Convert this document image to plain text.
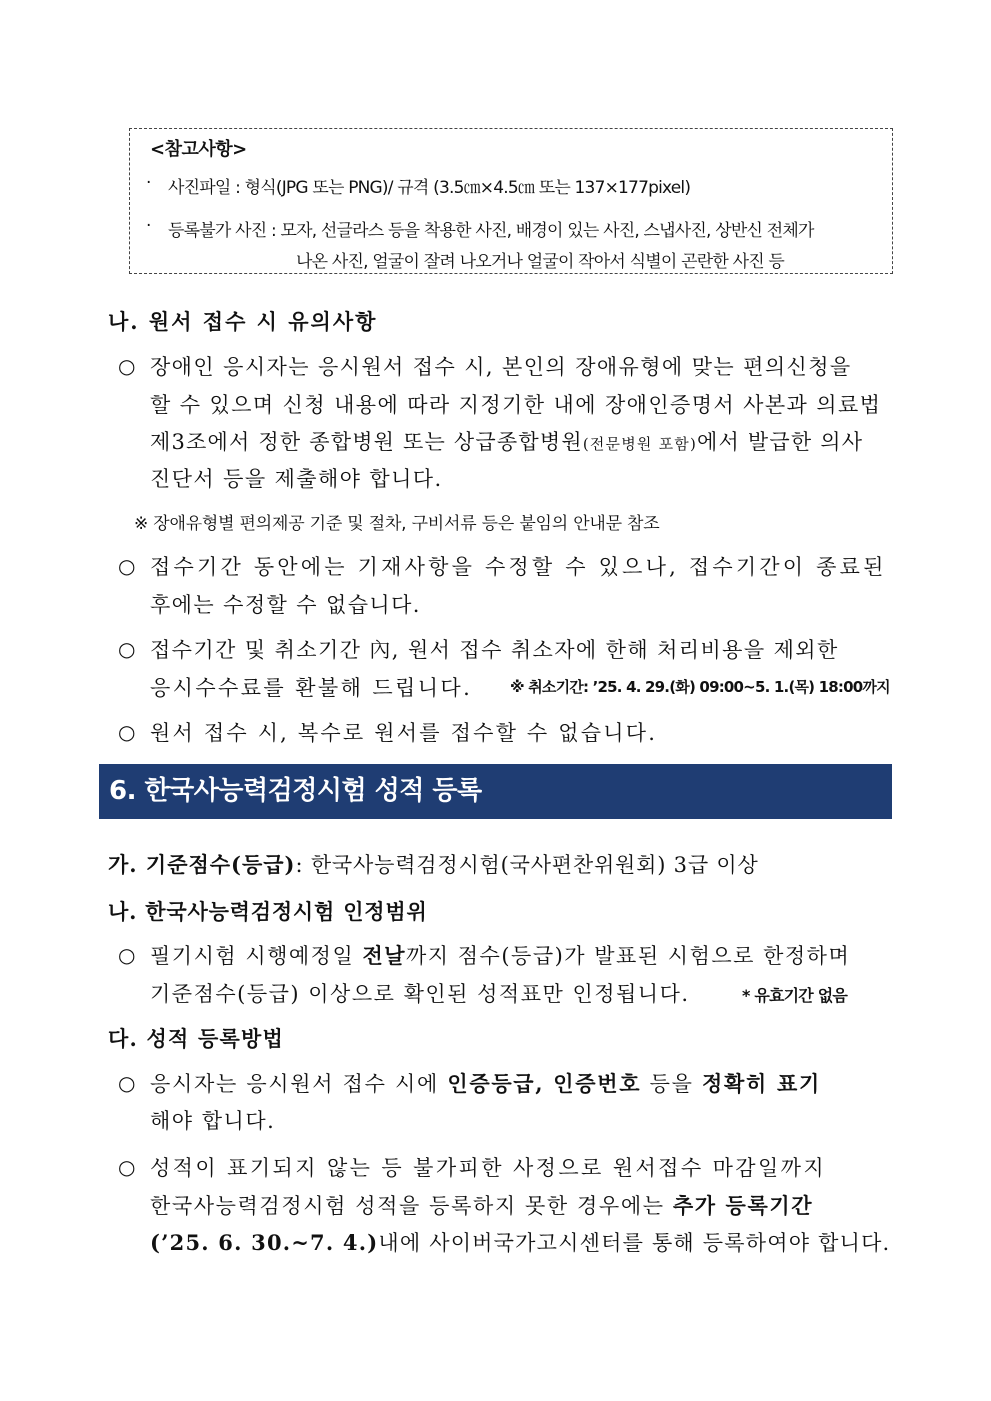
<참고사항>
· 사진파일 : 형식(JPG 또는 PNG)/ 규격 (3.5㎝×4.5㎝ 또는 137×177pixel)
· 등록불가 사진 : 모자, 선글라스 등을 착용한 사진, 배경이 있는 사진, 스냅사진, 상반신 전체가
나온 사진, 얼굴이 잘려 나오거나 얼굴이 작아서 식별이 곤란한 사진 등
나. 원서 접수 시 유의사항
○ 장애인 응시자는 응시원서 접수 시, 본인의 장애유형에 맞는 편의신청을
할 수 있으며 신청 내용에 따라 지정기한 내에 장애인증명서 사본과 의료법
제3조에서 정한 종합병원 또는 상급종합병원(전문병원 포함)에서 발급한 의사
진단서 등을 제출해야 합니다.
※ 장애유형별 편의제공 기준 및 절차, 구비서류 등은 붙임의 안내문 참조
○ 접수기간 동안에는 기재사항을 수정할 수 있으나, 접수기간이 종료된
후에는 수정할 수 없습니다.
○ 접수기간 및 취소기간 內, 원서 접수 취소자에 한해 처리비용을 제외한
응시수수료를 환불해 드립니다.	※ 취소기간: ’25. 4. 29.(화) 09:00~5. 1.(목) 18:00까지
○ 원서 접수 시, 복수로 원서를 접수할 수 없습니다.
6. 한국사능력검정시험 성적 등록
가. 기준점수(등급): 한국사능력검정시험(국사편찬위원회) 3급 이상
나. 한국사능력검정시험 인정범위
○ 필기시험 시행예정일 전날까지 점수(등급)가 발표된 시험으로 한정하며
기준점수(등급) 이상으로 확인된 성적표만 인정됩니다.	* 유효기간 없음
다. 성적 등록방법
○ 응시자는 응시원서 접수 시에 인증등급, 인증번호 등을 정확히 표기
해야 합니다.
○ 성적이 표기되지 않는 등 불가피한 사정으로 원서접수 마감일까지
한국사능력검정시험 성적을 등록하지 못한 경우에는 추가 등록기간
(’25. 6. 30.~7. 4.)내에 사이버국가고시센터를 통해 등록하여야 합니다.
